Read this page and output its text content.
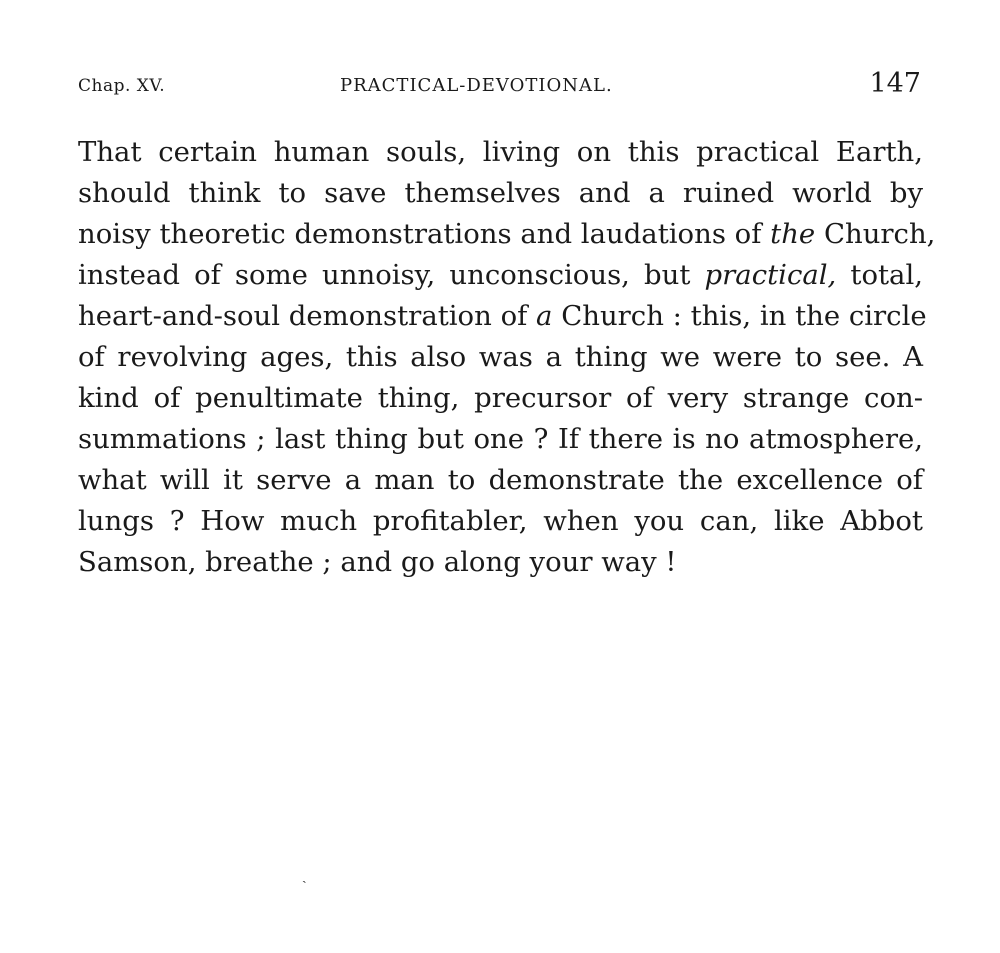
Chap. XV.	PRACTICAL-DEVOTIONAL.	147
That certain human souls, living on this practical Earth,
should think to save themselves and a ruined world by
noisy theoretic demonstrations and laudations of the Church,
instead of some unnoisy, unconscious, but practical, total,
heart-and-soul demonstration of a Church : this, in the circle
of revolving ages, this also was a thing we were to see. A
kind of penultimate thing, precursor of very strange con-
summations ; last thing but one ? If there is no atmosphere,
what will it serve a man to demonstrate the excellence of
lungs ? How much profitabler, when you can, like Abbot
Samson, breathe ; and go along your way !
ˎ
